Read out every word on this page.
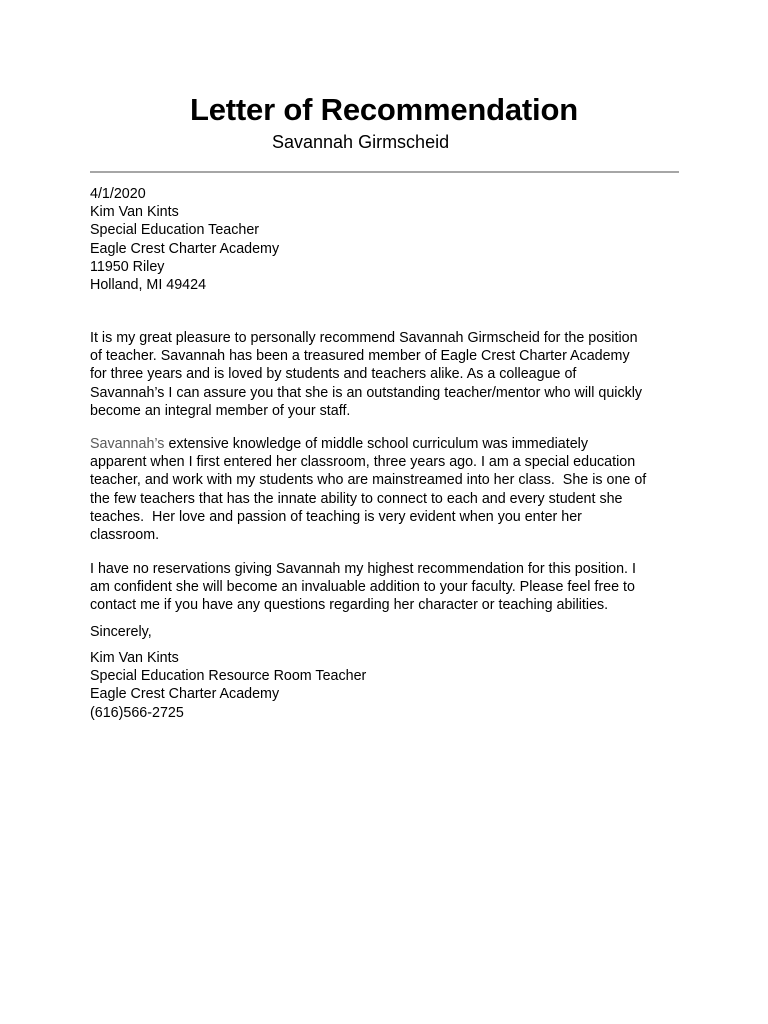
Letter of Recommendation
Savannah Girmscheid
4/1/2020
Kim Van Kints
Special Education Teacher
Eagle Crest Charter Academy
11950 Riley
Holland, MI 49424
It is my great pleasure to personally recommend Savannah Girmscheid for the position
of teacher. Savannah has been a treasured member of Eagle Crest Charter Academy
for three years and is loved by students and teachers alike. As a colleague of
Savannah’s I can assure you that she is an outstanding teacher/mentor who will quickly
become an integral member of your staff.
Savannah’s extensive knowledge of middle school curriculum was immediately
apparent when I first entered her classroom, three years ago. I am a special education
teacher, and work with my students who are mainstreamed into her class.  She is one of
the few teachers that has the innate ability to connect to each and every student she
teaches.  Her love and passion of teaching is very evident when you enter her
classroom.
I have no reservations giving Savannah my highest recommendation for this position. I
am confident she will become an invaluable addition to your faculty. Please feel free to
contact me if you have any questions regarding her character or teaching abilities.
Sincerely,
Kim Van Kints
Special Education Resource Room Teacher
Eagle Crest Charter Academy
(616)566-2725
